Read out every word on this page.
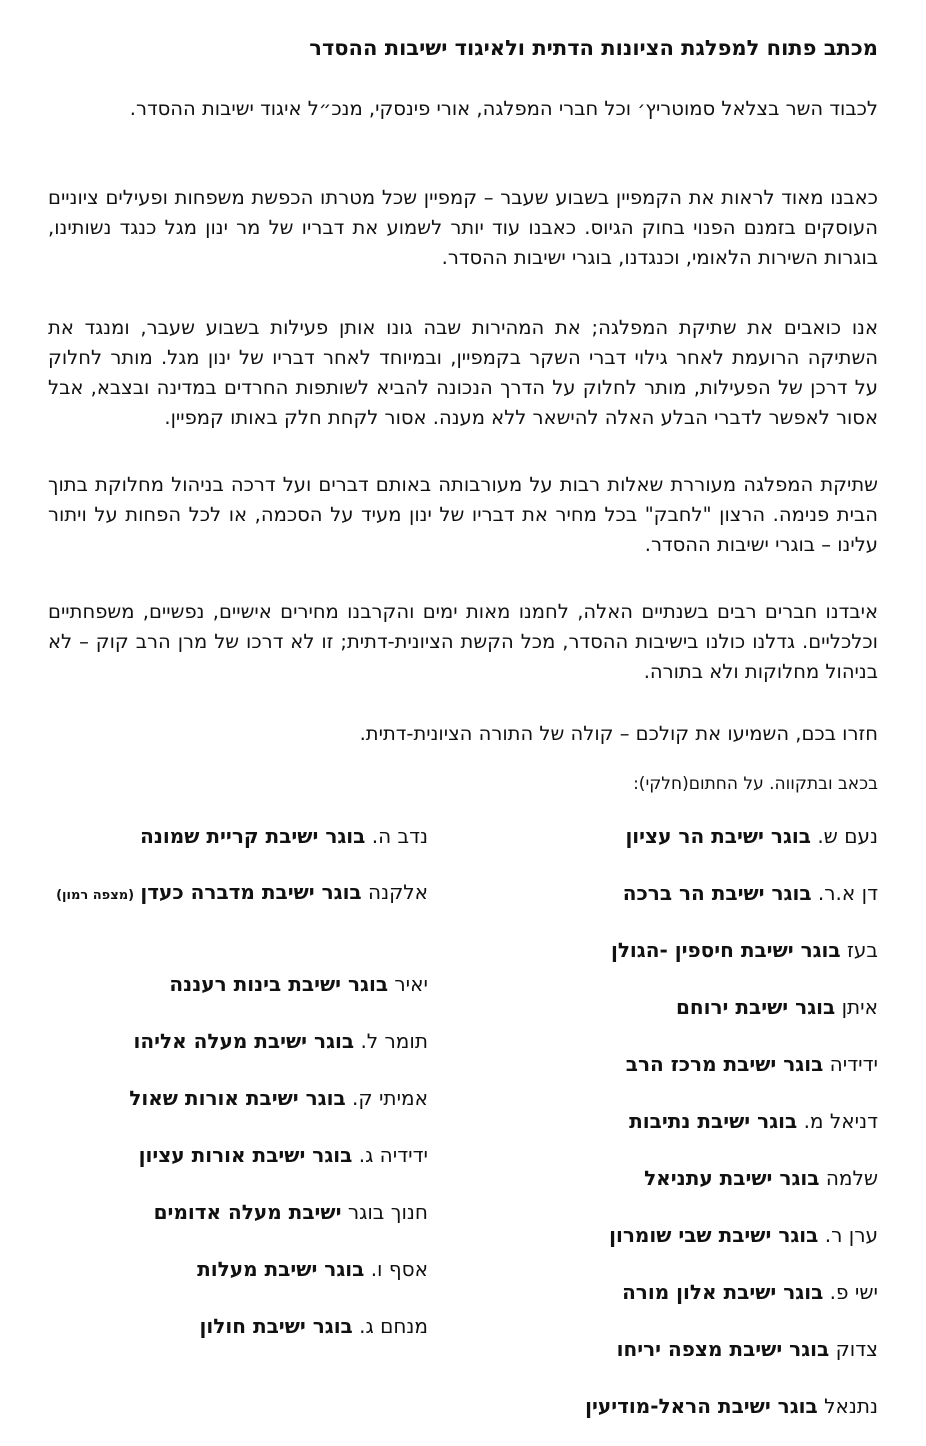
מכתב פתוח למפלגת הציונות הדתית ולאיגוד ישיבות ההסדר
לכבוד השר בצלאל סמוטריץ׳ וכל חברי המפלגה, אורי פינסקי, מנכ״ל איגוד ישיבות ההסדר.
כאבנו מאוד לראות את הקמפיין בשבוע שעבר – קמפיין שכל מטרתו הכפשת משפחות ופעילים ציוניים העוסקים בזמנם הפנוי בחוק הגיוס. כאבנו עוד יותר לשמוע את דבריו של מר ינון מגל כנגד נשותינו, בוגרות השירות הלאומי, וכנגדנו, בוגרי ישיבות ההסדר.
אנו כואבים את שתיקת המפלגה; את המהירות שבה גונו אותן פעילות בשבוע שעבר, ומנגד את השתיקה הרועמת לאחר גילוי דברי השקר בקמפיין, ובמיוחד לאחר דבריו של ינון מגל. מותר לחלוק על דרכן של הפעילות, מותר לחלוק על הדרך הנכונה להביא לשותפות החרדים במדינה ובצבא, אבל אסור לאפשר לדברי הבלע האלה להישאר ללא מענה. אסור לקחת חלק באותו קמפיין.
שתיקת המפלגה מעוררת שאלות רבות על מעורבותה באותם דברים ועל דרכה בניהול מחלוקת בתוך הבית פנימה. הרצון "לחבק" בכל מחיר את דבריו של ינון מעיד על הסכמה, או לכל הפחות על ויתור עלינו – בוגרי ישיבות ההסדר.
איבדנו חברים רבים בשנתיים האלה, לחמנו מאות ימים והקרבנו מחירים אישיים, נפשיים, משפחתיים וכלכליים. גדלנו כולנו בישיבות ההסדר, מכל הקשת הציונית-דתית; זו לא דרכו של מרן הרב קוק – לא בניהול מחלוקות ולא בתורה.
חזרו בכם, השמיעו את קולכם – קולה של התורה הציונית-דתית.
בכאב ובתקווה. על החתום(חלקי):
נעם ש. בוגר ישיבת הר עציון
דן א.ר. בוגר ישיבת הר ברכה
בעז בוגר ישיבת חיספין -הגולן
איתן בוגר ישיבת ירוחם
ידידיה בוגר ישיבת מרכז הרב
דניאל מ. בוגר ישיבת נתיבות
שלמה בוגר ישיבת עתניאל
ערן ר. בוגר ישיבת שבי שומרון
ישי פ. בוגר ישיבת אלון מורה
צדוק בוגר ישיבת מצפה יריחו
נתנאל בוגר ישיבת הראל-מודיעין
נדב ה. בוגר ישיבת קריית שמונה
אלקנה בוגר ישיבת מדברה כעדן (מצפה רמון)
יאיר בוגר ישיבת בינות רעננה
תומר ל. בוגר ישיבת מעלה אליהו
אמיתי ק. בוגר ישיבת אורות שאול
ידידיה ג. בוגר ישיבת אורות עציון
חנוך בוגר ישיבת מעלה אדומים
אסף ו. בוגר ישיבת מעלות
מנחם ג. בוגר ישיבת חולון
